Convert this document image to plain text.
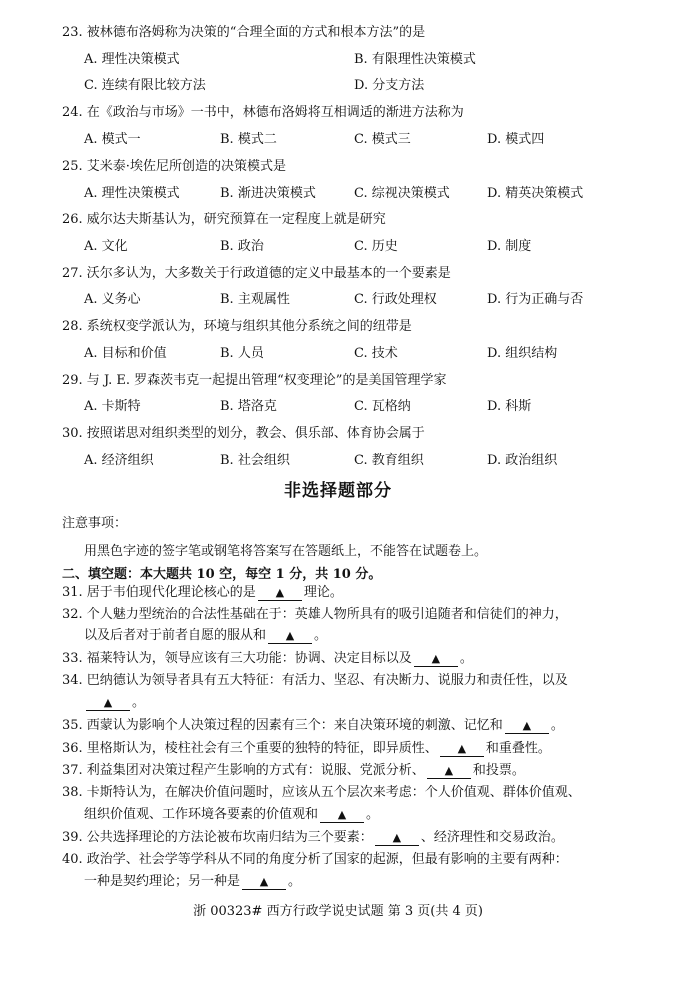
23. 被林德布洛姆称为决策的“合理全面的方式和根本方法”的是
A. 理性决策模式	B. 有限理性决策模式
C. 连续有限比较方法	D. 分支方法
24. 在《政治与市场》一书中，林德布洛姆将互相调适的渐进方法称为
A. 模式一	B. 模式二	C. 模式三	D. 模式四
25. 艾米泰·埃佐尼所创造的决策模式是
A. 理性决策模式	B. 渐进决策模式	C. 综视决策模式	D. 精英决策模式
26. 威尔达夫斯基认为，研究预算在一定程度上就是研究
A. 文化	B. 政治	C. 历史	D. 制度
27. 沃尔多认为，大多数关于行政道德的定义中最基本的一个要素是
A. 义务心	B. 主观属性	C. 行政处理权	D. 行为正确与否
28. 系统权变学派认为，环境与组织其他分系统之间的纽带是
A. 目标和价值	B. 人员	C. 技术	D. 组织结构
29. 与 J. E. 罗森茨韦克一起提出管理“权变理论”的是美国管理学家
A. 卡斯特	B. 塔洛克	C. 瓦格纳	D. 科斯
30. 按照诺思对组织类型的划分，教会、俱乐部、体育协会属于
A. 经济组织	B. 社会组织	C. 教育组织	D. 政治组织
非选择题部分
注意事项：
用黑色字迹的签字笔或钢笔将答案写在答题纸上，不能答在试题卷上。
二、填空题：本大题共 10 空，每空 1 分，共 10 分。
31. 居于韦伯现代化理论核心的是 ▲ 理论。
32. 个人魅力型统治的合法性基础在于：英雄人物所具有的吸引追随者和信徒们的神力，
以及后者对于前者自愿的服从和 ▲ 。
33. 福莱特认为，领导应该有三大功能：协调、决定目标以及 ▲ 。
34. 巴纳德认为领导者具有五大特征：有活力、坚忍、有决断力、说服力和责任性，以及
▲ 。
35. 西蒙认为影响个人决策过程的因素有三个：来自决策环境的刺激、记忆和 ▲ 。
36. 里格斯认为，棱柱社会有三个重要的独特的特征，即异质性、 ▲ 和重叠性。
37. 利益集团对决策过程产生影响的方式有：说服、党派分析、 ▲ 和投票。
38. 卡斯特认为，在解决价值问题时，应该从五个层次来考虑：个人价值观、群体价值观、
组织价值观、工作环境各要素的价值观和 ▲ 。
39. 公共选择理论的方法论被布坎南归结为三个要素： ▲ 、经济理性和交易政治。
40. 政治学、社会学等学科从不同的角度分析了国家的起源，但最有影响的主要有两种：
一种是契约理论；另一种是 ▲ 。
浙 00323# 西方行政学说史试题 第 3 页(共 4 页)
